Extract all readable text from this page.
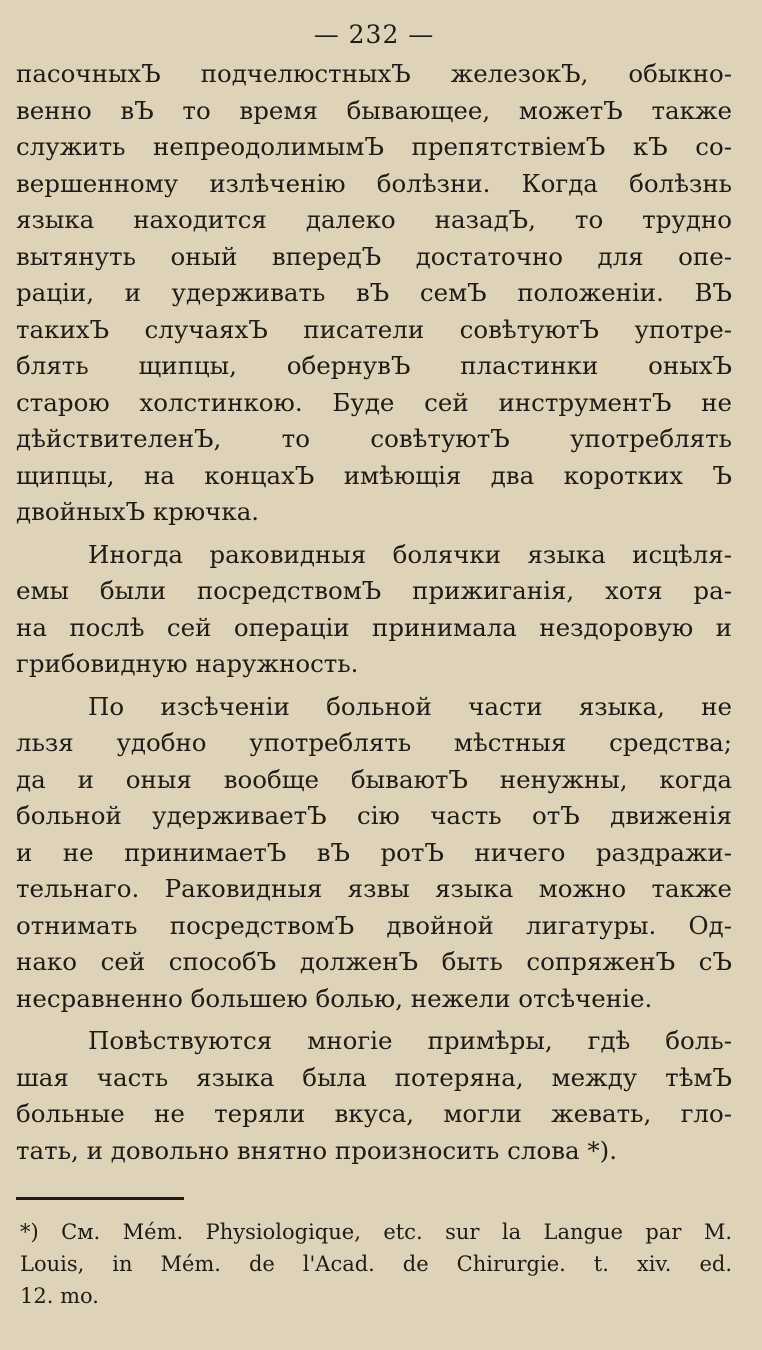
— 232 —

пасочныхЪ подчелюстныхЪ железокЪ, обыкно-
венно вЪ то время бывающее, можетЪ также
служить непреодолимымЪ препятствіемЪ кЪ со-
вершенному излѣченію болѣзни. Когда болѣзнь
языка находится далеко назадЪ, то трудно
вытянуть оный впередЪ достаточно для опе-
раціи, и удерживать вЪ семЪ положеніи. ВЪ
такихЪ случаяхЪ писатели совѣтуютЪ употре-
блять щипцы, обернувЪ пластинки оныхЪ
старою холстинкою. Буде сей инструментЪ не
дѣйствителенЪ, то совѣтуютЪ употреблять
щипцы, на концахЪ имѣющія два коротких Ъ
двойныхЪ крючка.

Иногда раковидныя болячки языка исцѣля-
емы были посредствомЪ прижиганія, хотя ра-
на послѣ сей операціи принимала нездоровую и
грибовидную наружность.

По изсѣченіи больной части языка, не
льзя удобно употреблять мѣстныя средства;
да и оныя вообще бываютЪ ненужны, когда
больной удерживаетЪ сію часть отЪ движенія
и не принимаетЪ вЪ ротЪ ничего раздражи-
тельнаго. Раковидныя язвы языка можно также
отнимать посредствомЪ двойной лигатуры. Од-
нако сей способЪ долженЪ быть сопряженЪ сЪ
несравненно большею болью, нежели отсѣченіе.

Повѣствуются многіе примѣры, гдѣ боль-
шая часть языка была потеряна, между тѣмЪ
больные не теряли вкуса, могли жевать, гло-
тать, и довольно внятно произносить слова *).

*) См. Mém. Physiologique, etc. sur la Langue par M.
Louis, in Mém. de l'Acad. de Chirurgie. t. xiv. ed.
12. mo.
